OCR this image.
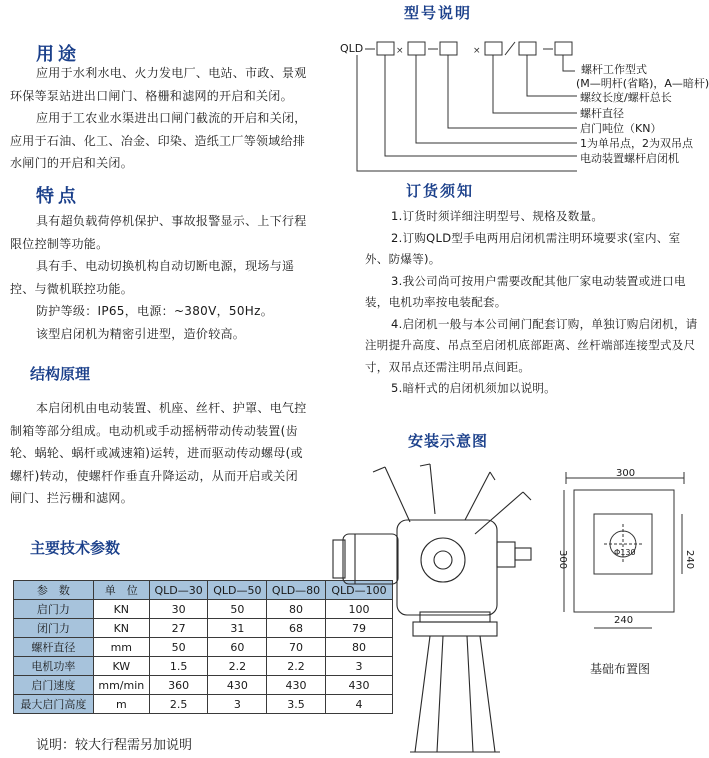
用途

应用于水利水电、火力发电厂、电站、市政、景观环保等泵站进出口闸门、格栅和滤网的开启和关闭。

应用于工农业水渠进出口闸门截流的开启和关闭，应用于石油、化工、冶金、印染、造纸工厂等领域给排水闸门的开启和关闭。

特点

具有超负载荷停机保护、事故报警显示、上下行程限位控制等功能。

具有手、电动切换机构自动切断电源，现场与遥控、与微机联控功能。

防护等级：IP65，电源：~380V，50Hz。

该型启闭机为精密引进型，造价较高。

结构原理

本启闭机由电动装置、机座、丝杆、护罩、电气控制箱等部分组成。电动机或手动摇柄带动传动装置(齿轮、蜗轮、蜗杆或减速箱)运转，进而驱动传动螺母(或螺杆)转动，使螺杆作垂直升降运动，从而开启或关闭闸门、拦污栅和滤网。

主要技术参数
参　数	单　位	QLD—30	QLD—50	QLD—80	QLD—100
启门力	KN	30	50	80	100
闭门力	KN	27	31	68	79
螺杆直径	mm	50	60	70	80
电机功率	KW	1.5	2.2	2.2	3
启门速度	mm/min	360	430	430	430
最大启门高度	m	2.5	3	3.5	4
说明：较大行程需另加说明
型号说明
QLD	×	×
螺杆工作型式
(M—明杆(省略)，A—暗杆)
螺纹长度/螺杆总长
螺杆直径
启门吨位（KN）
1为单吊点，2为双吊点
电动装置螺杆启闭机
订货须知

1.订货时须详细注明型号、规格及数量。

2.订购QLD型手电两用启闭机需注明环境要求(室内、室外、防爆等)。

3.我公司尚可按用户需要改配其他厂家电动装置或进口电装，电机功率按电装配套。

4.启闭机一般与本公司闸门配套订购，单独订购启闭机，请注明提升高度、吊点至启闭机底部距离、丝杆端部连接型式及尺寸，双吊点还需注明吊点间距。

5.暗杆式的启闭机须加以说明。

安装示意图
300
300	240
240
Φ130
基础布置图
